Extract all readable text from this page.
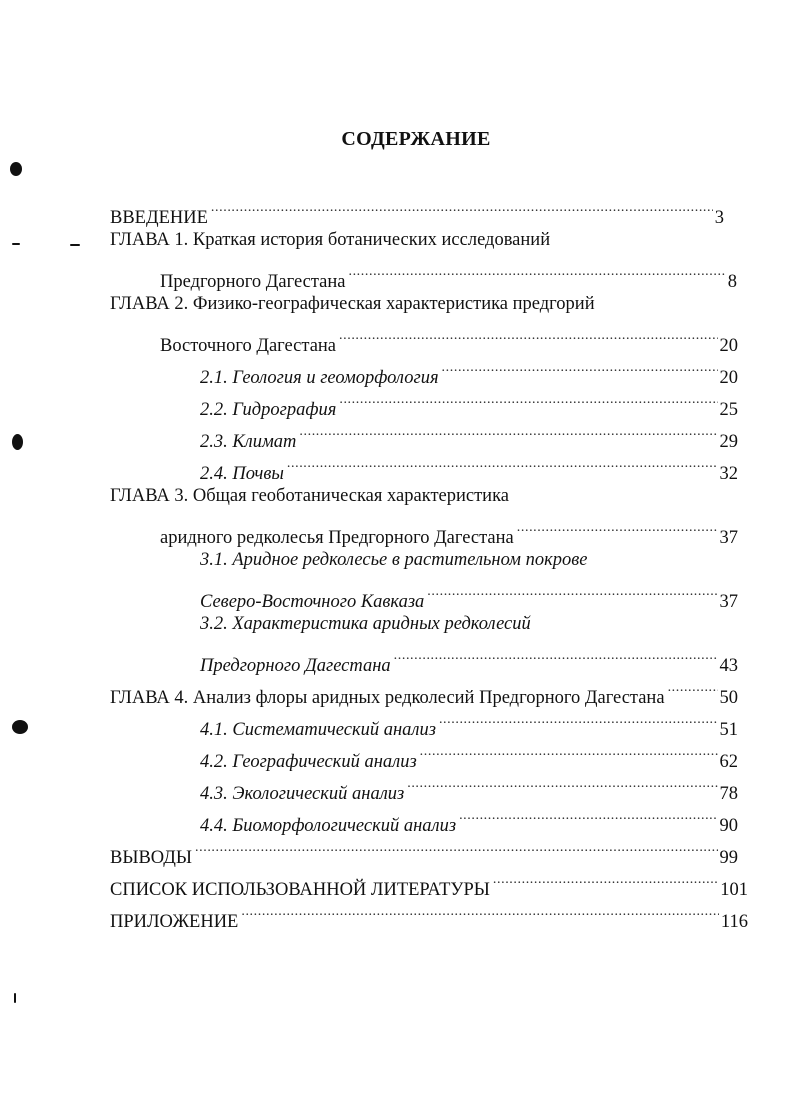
СОДЕРЖАНИЕ
ВВЕДЕНИЕ .....	3
ГЛАВА 1. Краткая история ботанических исследований
Предгорного Дагестана .....	8
ГЛАВА 2. Физико-географическая характеристика предгорий
Восточного Дагестана .....	20
2.1. Геология и геоморфология .....	20
2.2. Гидрография .....	25
2.3. Климат .....	29
2.4. Почвы .....	32
ГЛАВА 3. Общая геоботаническая характеристика
аридного редколесья Предгорного Дагестана .....	37
3.1. Аридное редколесье в растительном покрове
Северо-Восточного Кавказа .....	37
3.2. Характеристика аридных редколесий
Предгорного Дагестана .....	43
ГЛАВА 4. Анализ флоры аридных редколесий Предгорного Дагестана .....	50
4.1. Систематический анализ .....	51
4.2. Географический анализ .....	62
4.3. Экологический анализ .....	78
4.4. Биоморфологический анализ .....	90
ВЫВОДЫ .....	99
СПИСОК ИСПОЛЬЗОВАННОЙ ЛИТЕРАТУРЫ .....	101
ПРИЛОЖЕНИЕ .....	116
